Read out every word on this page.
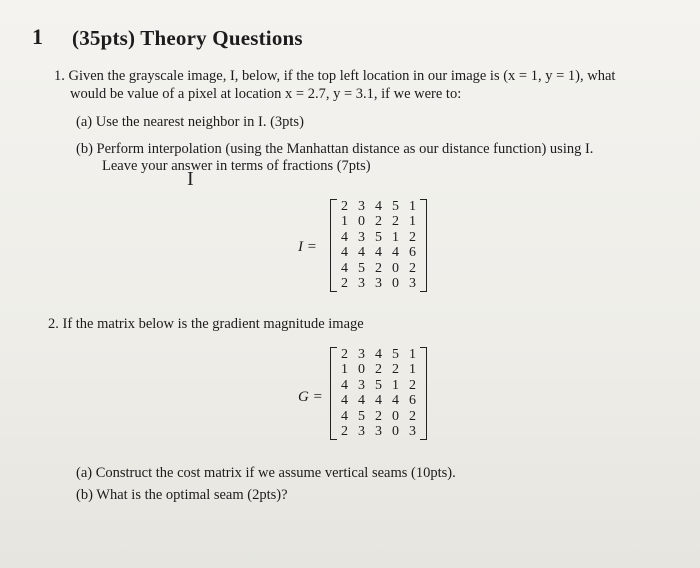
1 (35pts) Theory Questions
1. Given the grayscale image, I, below, if the top left location in our image is (x = 1, y = 1), what
would be value of a pixel at location x = 2.7, y = 3.1, if we were to:
(a) Use the nearest neighbor in I. (3pts)
(b) Perform interpolation (using the Manhattan distance as our distance function) using I.
Leave your answer in terms of fractions (7pts)
I
I =
2 3 4 5 1
1 0 2 2 1
4 3 5 1 2
4 4 4 4 6
4 5 2 0 2
2 3 3 0 3
2. If the matrix below is the gradient magnitude image
G =
2 3 4 5 1
1 0 2 2 1
4 3 5 1 2
4 4 4 4 6
4 5 2 0 2
2 3 3 0 3
(a) Construct the cost matrix if we assume vertical seams (10pts).
(b) What is the optimal seam (2pts)?
